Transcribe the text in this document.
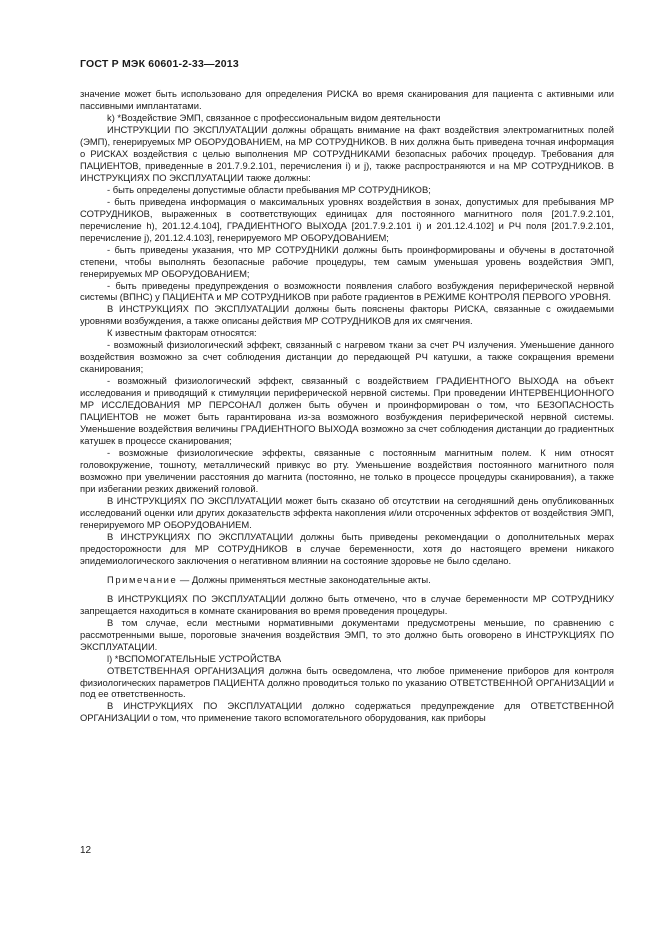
ГОСТ Р МЭК 60601-2-33—2013

значение может быть использовано для определения РИСКА во время сканирования для пациента с активными или пассивными имплантатами.

k) *Воздействие ЭМП, связанное с профессиональным видом деятельности

ИНСТРУКЦИИ ПО ЭКСПЛУАТАЦИИ должны обращать внимание на факт воздействия электромагнитных полей (ЭМП), генерируемых МР ОБОРУДОВАНИЕМ, на МР СОТРУДНИКОВ. В них должна быть приведена точная информация о РИСКАХ воздействия с целью выполнения МР СОТРУДНИКАМИ безопасных рабочих процедур. Требования для ПАЦИЕНТОВ, приведенные в 201.7.9.2.101, перечисления i) и j), также распространяются и на МР СОТРУДНИКОВ. В ИНСТРУКЦИЯХ ПО ЭКСПЛУАТАЦИИ также должны:

- быть определены допустимые области пребывания МР СОТРУДНИКОВ;

- быть приведена информация о максимальных уровнях воздействия в зонах, допустимых для пребывания МР СОТРУДНИКОВ, выраженных в соответствующих единицах для постоянного магнитного поля [201.7.9.2.101, перечисление h), 201.12.4.104], ГРАДИЕНТНОГО ВЫХОДА [201.7.9.2.101 i) и 201.12.4.102] и РЧ поля [201.7.9.2.101, перечисление j), 201.12.4.103], генерируемого МР ОБОРУДОВАНИЕМ;

- быть приведены указания, что МР СОТРУДНИКИ должны быть проинформированы и обучены в достаточной степени, чтобы выполнять безопасные рабочие процедуры, тем самым уменьшая уровень воздействия ЭМП, генерируемых МР ОБОРУДОВАНИЕМ;

- быть приведены предупреждения о возможности появления слабого возбуждения периферической нервной системы (ВПНС) у ПАЦИЕНТА и МР СОТРУДНИКОВ при работе градиентов в РЕЖИМЕ КОНТРОЛЯ ПЕРВОГО УРОВНЯ.

В ИНСТРУКЦИЯХ ПО ЭКСПЛУАТАЦИИ должны быть пояснены факторы РИСКА, связанные с ожидаемыми уровнями возбуждения, а также описаны действия МР СОТРУДНИКОВ для их смягчения.

К известным факторам относятся:

- возможный физиологический эффект, связанный с нагревом ткани за счет РЧ излучения. Уменьшение данного воздействия возможно за счет соблюдения дистанции до передающей РЧ катушки, а также сокращения времени сканирования;

- возможный физиологический эффект, связанный с воздействием ГРАДИЕНТНОГО ВЫХОДА на объект исследования и приводящий к стимуляции периферической нервной системы. При проведении ИНТЕРВЕНЦИОННОГО МР ИССЛЕДОВАНИЯ МР ПЕРСОНАЛ должен быть обучен и проинформирован о том, что БЕЗОПАСНОСТЬ ПАЦИЕНТОВ не может быть гарантирована из-за возможного возбуждения периферической нервной системы. Уменьшение воздействия величины ГРАДИЕНТНОГО ВЫХОДА возможно за счет соблюдения дистанции до градиентных катушек в процессе сканирования;

- возможные физиологические эффекты, связанные с постоянным магнитным полем. К ним относят головокружение, тошноту, металлический привкус во рту. Уменьшение воздействия постоянного магнитного поля возможно при увеличении расстояния до магнита (постоянно, не только в процессе процедуры сканирования), а также при избегании резких движений головой.

В ИНСТРУКЦИЯХ ПО ЭКСПЛУАТАЦИИ может быть сказано об отсутствии на сегодняшний день опубликованных исследований оценки или других доказательств эффекта накопления и/или отсроченных эффектов от воздействия ЭМП, генерируемого МР ОБОРУДОВАНИЕМ.

В ИНСТРУКЦИЯХ ПО ЭКСПЛУАТАЦИИ должны быть приведены рекомендации о дополнительных мерах предосторожности для МР СОТРУДНИКОВ в случае беременности, хотя до настоящего времени никакого эпидемиологического заключения о негативном влиянии на состояние здоровье не было сделано.

Примечание — Должны применяться местные законодательные акты.

В ИНСТРУКЦИЯХ ПО ЭКСПЛУАТАЦИИ должно быть отмечено, что в случае беременности МР СОТРУДНИКУ запрещается находиться в комнате сканирования во время проведения процедуры.

В том случае, если местными нормативными документами предусмотрены меньшие, по сравнению с рассмотренными выше, пороговые значения воздействия ЭМП, то это должно быть оговорено в ИНСТРУКЦИЯХ ПО ЭКСПЛУАТАЦИИ.

l) *ВСПОМОГАТЕЛЬНЫЕ УСТРОЙСТВА

ОТВЕТСТВЕННАЯ ОРГАНИЗАЦИЯ должна быть осведомлена, что любое применение приборов для контроля физиологических параметров ПАЦИЕНТА должно проводиться только по указанию ОТВЕТСТВЕННОЙ ОРГАНИЗАЦИИ и под ее ответственность.

В ИНСТРУКЦИЯХ ПО ЭКСПЛУАТАЦИИ должно содержаться предупреждение для ОТВЕТСТВЕННОЙ ОРГАНИЗАЦИИ о том, что применение такого вспомогательного оборудования, как приборы

12
